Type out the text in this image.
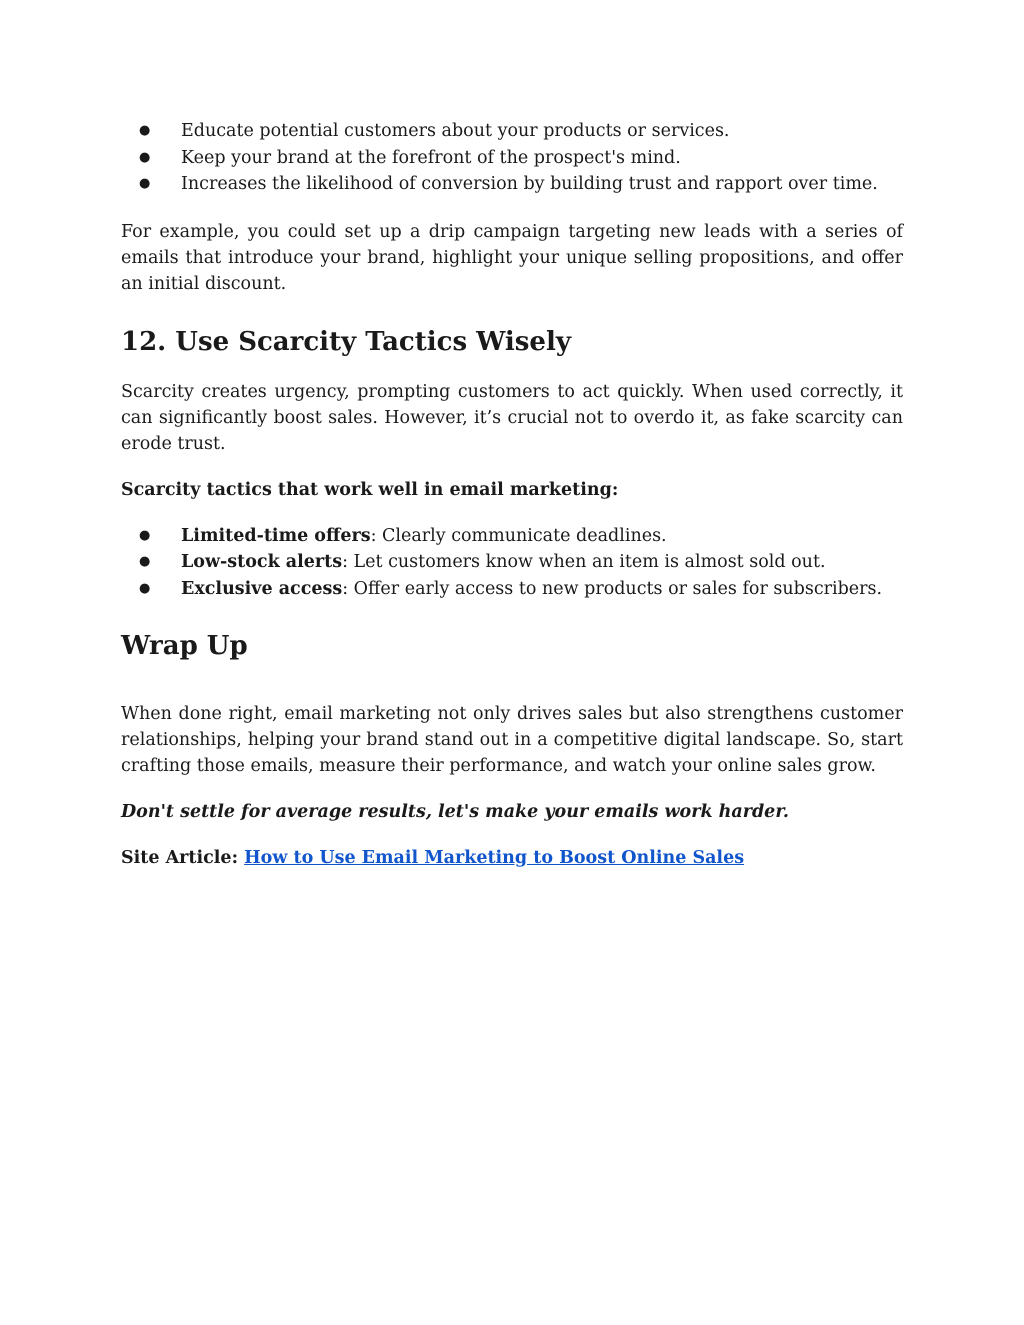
● Educate potential customers about your products or services.
● Keep your brand at the forefront of the prospect's mind.
● Increases the likelihood of conversion by building trust and rapport over time.

For example, you could set up a drip campaign targeting new leads with a series of emails that introduce your brand, highlight your unique selling propositions, and offer an initial discount.

12. Use Scarcity Tactics Wisely

Scarcity creates urgency, prompting customers to act quickly. When used correctly, it can significantly boost sales. However, it’s crucial not to overdo it, as fake scarcity can erode trust.

Scarcity tactics that work well in email marketing:

● Limited-time offers: Clearly communicate deadlines.
● Low-stock alerts: Let customers know when an item is almost sold out.
● Exclusive access: Offer early access to new products or sales for subscribers.
Wrap Up

When done right, email marketing not only drives sales but also strengthens customer relationships, helping your brand stand out in a competitive digital landscape. So, start crafting those emails, measure their performance, and watch your online sales grow.

Don't settle for average results, let's make your emails work harder.

Site Article: How to Use Email Marketing to Boost Online Sales
